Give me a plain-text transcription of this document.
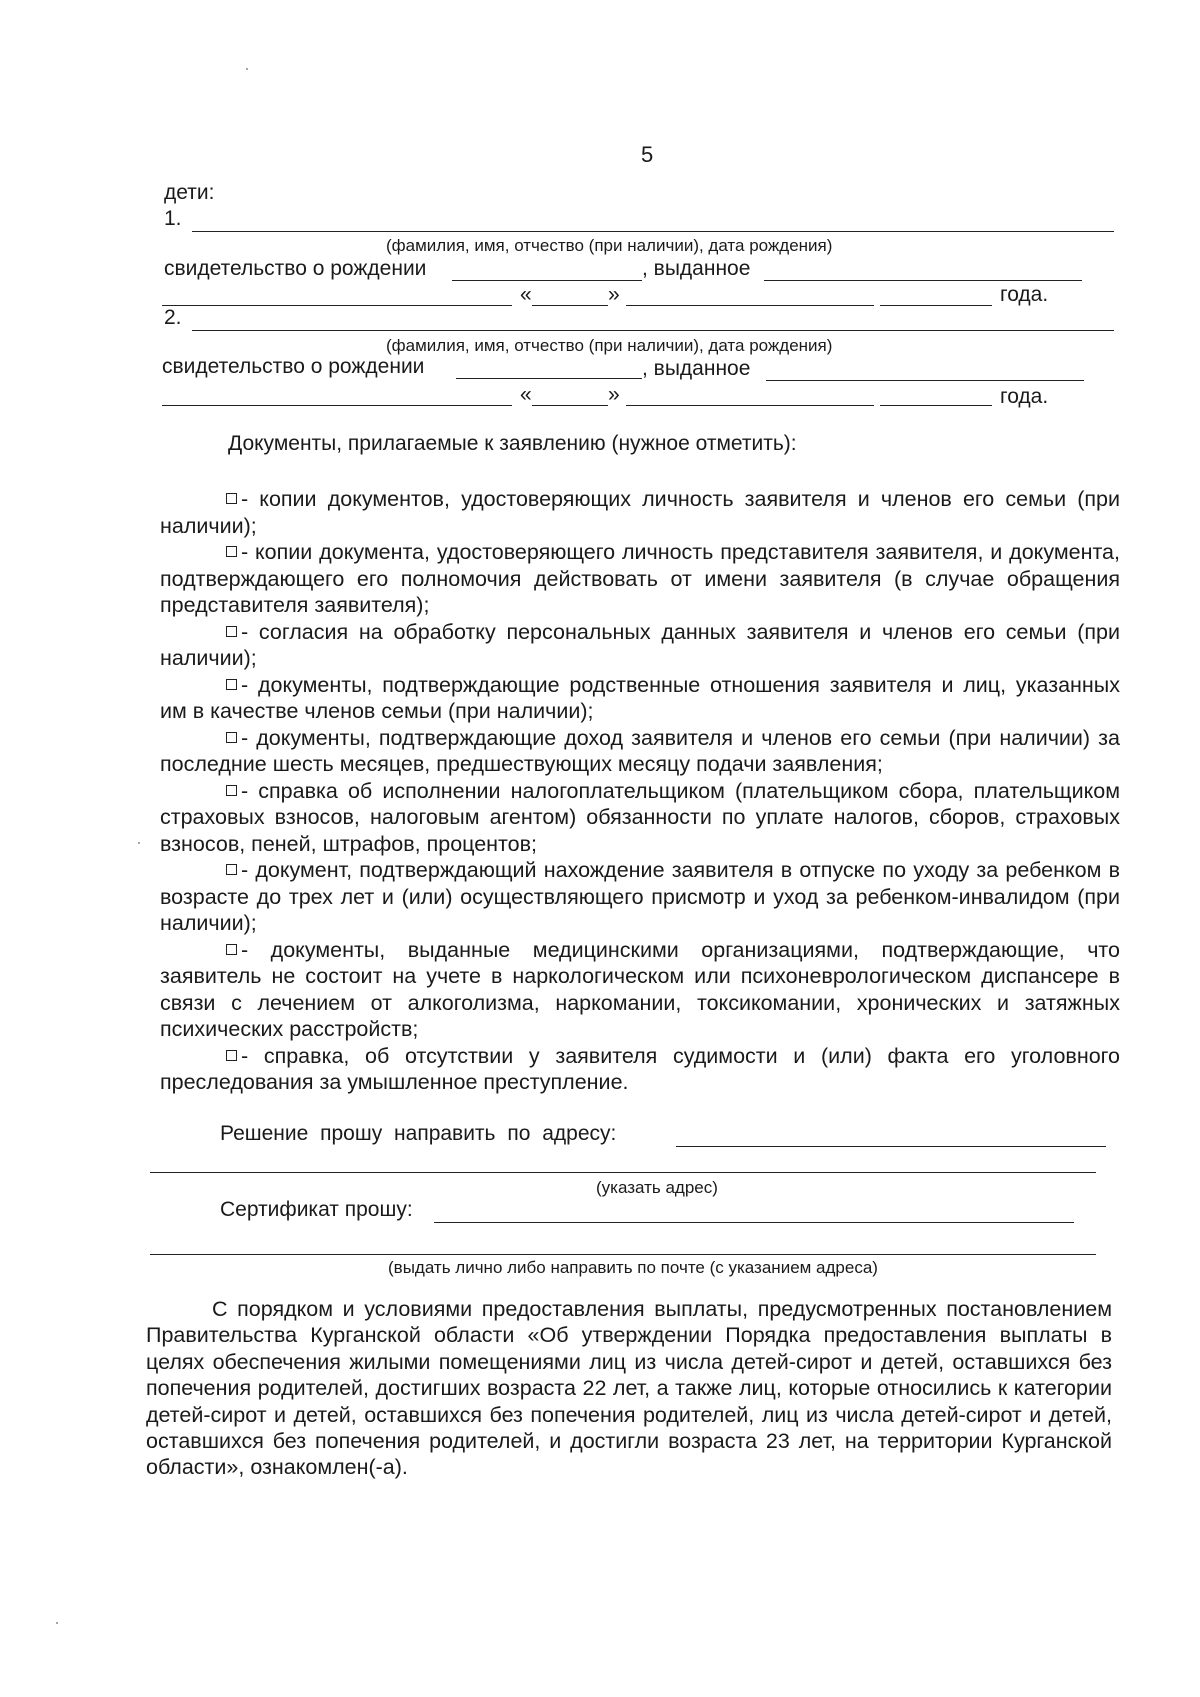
5
дети:
1.
(фамилия, имя, отчество (при наличии), дата рождения)
свидетельство о рождении	, выданное
«	»	года.
2.
(фамилия, имя, отчество (при наличии), дата рождения)
свидетельство о рождении	, выданное
«	»	года.
Документы, прилагаемые к заявлению (нужное отметить):
- копии документов, удостоверяющих личность заявителя и членов его семьи (при наличии);
- копии документа, удостоверяющего личность представителя заявителя, и документа, подтверждающего его полномочия действовать от имени заявителя (в случае обращения представителя заявителя);
- согласия на обработку персональных данных заявителя и членов его семьи (при наличии);
- документы, подтверждающие родственные отношения заявителя и лиц, указанных им в качестве членов семьи (при наличии);
- документы, подтверждающие доход заявителя и членов его семьи (при наличии) за последние шесть месяцев, предшествующих месяцу подачи заявления;
- справка об исполнении налогоплательщиком (плательщиком сбора, плательщиком страховых взносов, налоговым агентом) обязанности по уплате налогов, сборов, страховых взносов, пеней, штрафов, процентов;
- документ, подтверждающий нахождение заявителя в отпуске по уходу за ребенком в возрасте до трех лет и (или) осуществляющего присмотр и уход за ребенком-инвалидом (при наличии);
- документы, выданные медицинскими организациями, подтверждающие, что заявитель не состоит на учете в наркологическом или психоневрологическом диспансере в связи с лечением от алкоголизма, наркомании, токсикомании, хронических и затяжных психических расстройств;
- справка, об отсутствии у заявителя судимости и (или) факта его уголовного преследования за умышленное преступление.
Решение прошу направить по адресу:
(указать адрес)
Сертификат прошу:
(выдать лично либо направить по почте (с указанием адреса)
С порядком и условиями предоставления выплаты, предусмотренных постановлением Правительства Курганской области «Об утверждении Порядка предоставления выплаты в целях обеспечения жилыми помещениями лиц из числа детей-сирот и детей, оставшихся без попечения родителей, достигших возраста 22 лет, а также лиц, которые относились к категории детей-сирот и детей, оставшихся без попечения родителей, лиц из числа детей-сирот и детей, оставшихся без попечения родителей, и достигли возраста 23 лет, на территории Курганской области», ознакомлен(-а).
